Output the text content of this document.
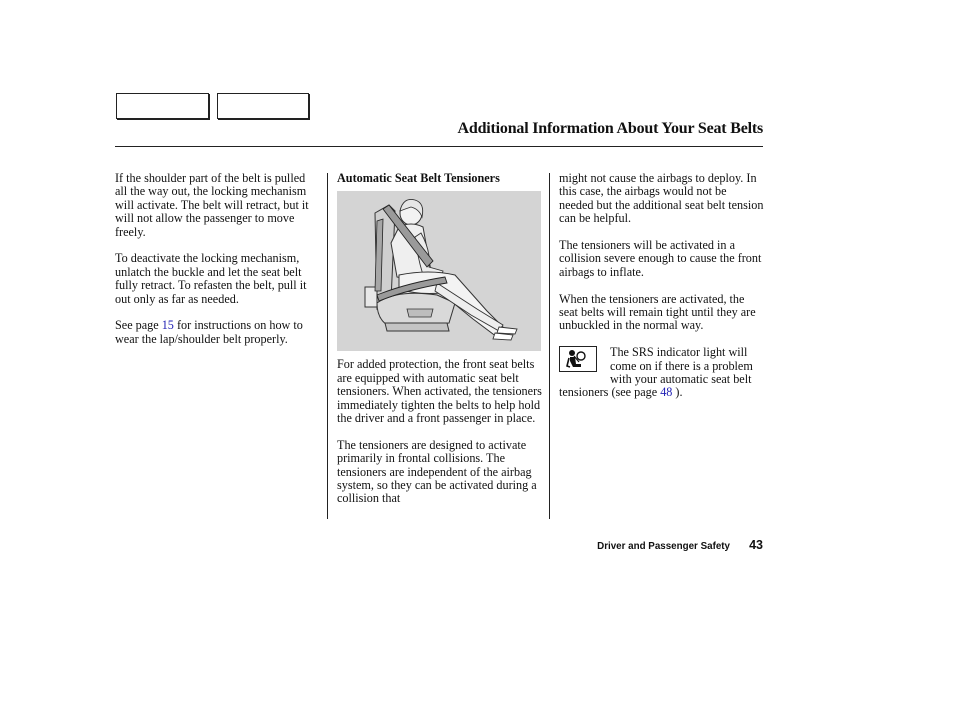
Additional Information About Your Seat Belts

If the shoulder part of the belt is pulled all the way out, the locking mechanism will activate. The belt will retract, but it will not allow the passenger to move freely.

To deactivate the locking mechanism, unlatch the buckle and let the seat belt fully retract. To refasten the belt, pull it out only as far as needed.

See page 15 for instructions on how to wear the lap/shoulder belt properly.

Automatic Seat Belt Tensioners

For added protection, the front seat belts are equipped with automatic seat belt tensioners. When activated, the tensioners immediately tighten the belts to help hold the driver and a front passenger in place.

The tensioners are designed to activate primarily in frontal collisions. The tensioners are independent of the airbag system, so they can be activated during a collision that

might not cause the airbags to deploy. In this case, the airbags would not be needed but the additional seat belt tension can be helpful.

The tensioners will be activated in a collision severe enough to cause the front airbags to inflate.

When the tensioners are activated, the seat belts will remain tight until they are unbuckled in the normal way.

The SRS indicator light will come on if there is a problem with your automatic seat belt tensioners (see page 48 ).
Driver and Passenger Safety 43
